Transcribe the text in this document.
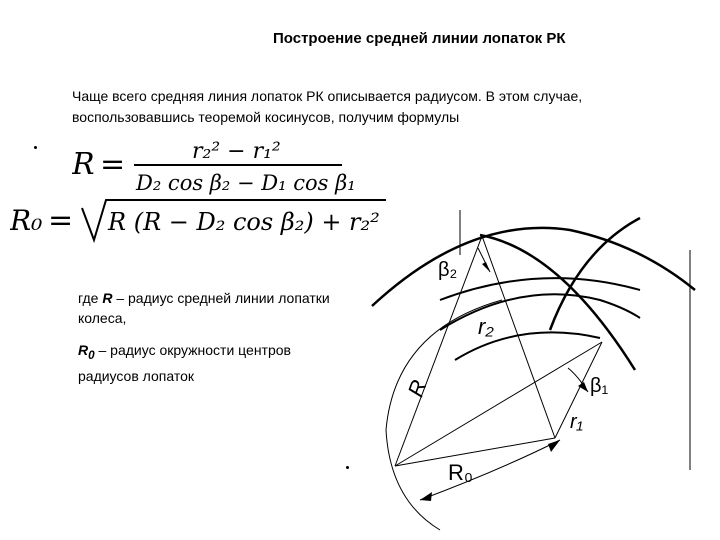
Построение средней линии лопаток РК
Чаще всего средняя линия лопаток РК описывается радиусом. В этом случае, воспользовавшись теоремой косинусов, получим формулы
R =	r₂² − r₁²
D₂ cos β₂ − D₁ cos β₁
R₀ = R (R − D₂ cos β₂) + r₂²
где R – радиус средней линии лопатки колеса,
$R_0$ – радиус окружности центров радиусов лопаток
β₂
r₂
β₁
r₁
R
R₀
